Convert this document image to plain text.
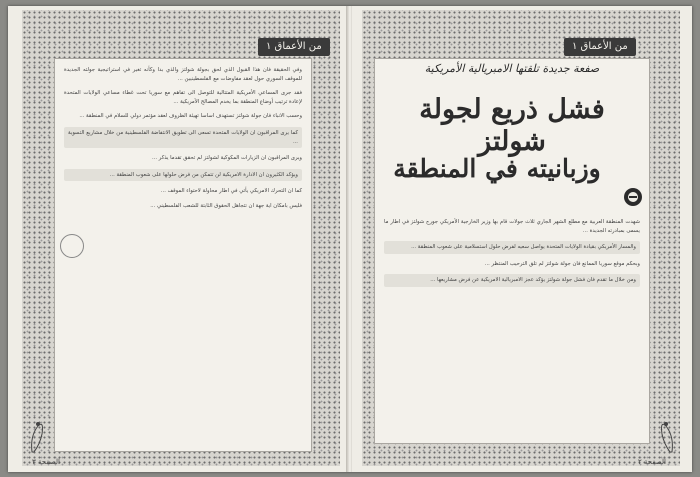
من الأعماق ١

وفي الحقيقة فان هذا القبول الذي لحق بجولة شولتز والذي بدا وكأنه تغير في استراتيجية جولته الجديدة للموقف السوري حول لعقد مفاوضات مع الفلسطينيين ...

فقد جرى المساعي الأمريكية المتتالية للتوصل الى تفاهم مع سوريا تحت غطاء مساعي الولايات المتحدة لإعادة ترتيب أوضاع المنطقة بما يخدم المصالح الأمريكية ...

وحسب الانباء فان جولة شولتز تستهدف اساسا تهيئة الظروف لعقد مؤتمر دولي للسلام في المنطقة ...

كما يرى المراقبون ان الولايات المتحدة تسعى الى تطويق الانتفاضة الفلسطينية من خلال مشاريع التسوية ...

ويرى المراقبون ان الزيارات المكوكية لشولتز لم تحقق تقدما يذكر ...

ويؤكد الكثيرون ان الادارة الامريكية لن تتمكن من فرض حلولها على شعوب المنطقة ...

كما ان التحرك الامريكي يأتي في اطار محاولة لاحتواء الموقف ...

فليس بامكان اية جهة ان تتجاهل الحقوق الثابتة للشعب الفلسطيني ...

الصفحة ٣
من الأعماق ١
صفعة جديدة تلقتها الامبريالية الأمريكية
فشل ذريع لجولة شولتز
وزبانيته في المنطقة

شهدت المنطقة العربية مع مطلع الشهر الجاري ثلاث جولات قام بها وزير الخارجية الأمريكي جورج شولتز في اطار ما يسمى بمبادرته الجديدة ...

والمسار الأمريكي بقيادة الولايات المتحدة يواصل سعيه لفرض حلول استسلامية على شعوب المنطقة ...

وبحكم موقع سوريا الممانع فان جولة شولتز لم تلق الترحيب المنتظر ...

ومن خلال ما تقدم فان فشل جولة شولتز يؤكد عجز الامبريالية الامريكية عن فرض مشاريعها ...

الصفحة ٢
